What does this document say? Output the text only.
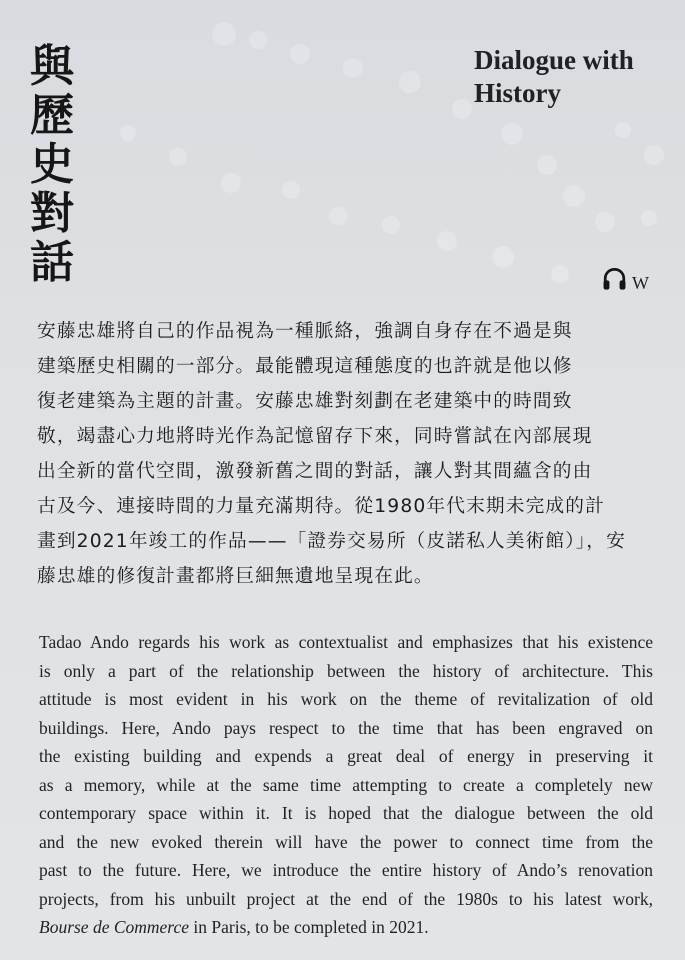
與歷史對話
Dialogue with History
W
安藤忠雄將自己的作品視為一種脈絡，強調自身存在不過是與
建築歷史相關的一部分。最能體現這種態度的也許就是他以修
復老建築為主題的計畫。安藤忠雄對刻劃在老建築中的時間致
敬，竭盡心力地將時光作為記憶留存下來，同時嘗試在內部展現
出全新的當代空間，激發新舊之間的對話，讓人對其間蘊含的由
古及今、連接時間的力量充滿期待。從1980年代末期未完成的計
畫到2021年竣工的作品——「證券交易所（皮諾私人美術館）」，安
藤忠雄的修復計畫都將巨細無遺地呈現在此。
Tadao Ando regards his work as contextualist and emphasizes that his existence
is only a part of the relationship between the history of architecture. This
attitude is most evident in his work on the theme of revitalization of old
buildings. Here, Ando pays respect to the time that has been engraved on
the existing building and expends a great deal of energy in preserving it
as a memory, while at the same time attempting to create a completely new
contemporary space within it. It is hoped that the dialogue between the old
and the new evoked therein will have the power to connect time from the
past to the future. Here, we introduce the entire history of Ando’s renovation
projects, from his unbuilt project at the end of the 1980s to his latest work,
Bourse de Commerce in Paris, to be completed in 2021.
